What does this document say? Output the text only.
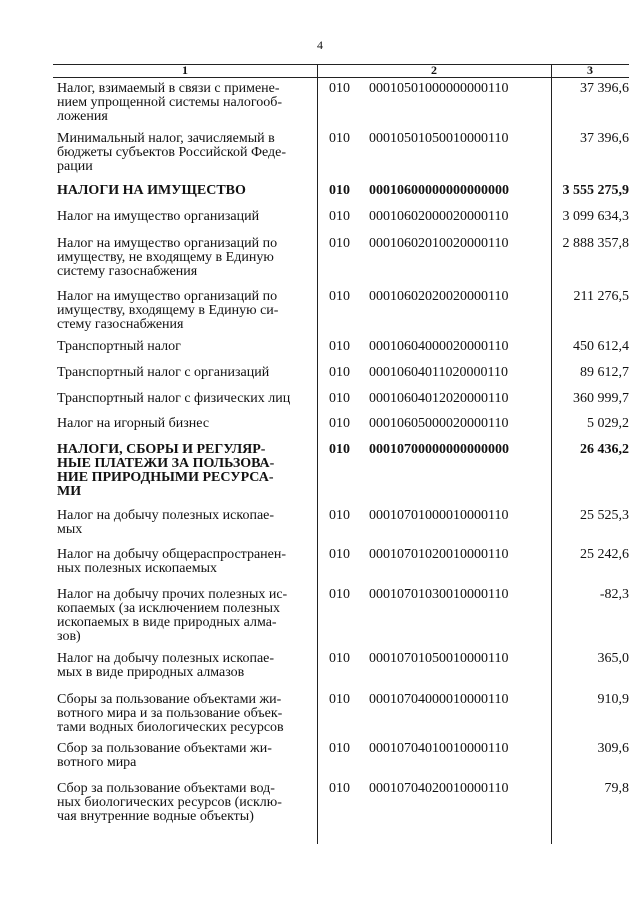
4
1	2	3
Налог, взимаемый в связи с примене-
нием упрощенной системы налогооб-
ложения
010	00010501000000000110	37 396,6
Минимальный налог, зачисляемый в
бюджеты субъектов Российской Феде-
рации
010	00010501050010000110	37 396,6
НАЛОГИ НА ИМУЩЕСТВО	010	00010600000000000000	3 555 275,9
Налог на имущество организаций	010	00010602000020000110	3 099 634,3
Налог на имущество организаций по
имуществу, не входящему в Единую
систему газоснабжения
010	00010602010020000110	2 888 357,8
Налог на имущество организаций по
имуществу, входящему в Единую си-
стему газоснабжения
010	00010602020020000110	211 276,5
Транспортный налог	010	00010604000020000110	450 612,4
Транспортный налог с организаций	010	00010604011020000110	89 612,7
Транспортный налог с физических лиц	010	00010604012020000110	360 999,7
Налог на игорный бизнес	010	00010605000020000110	5 029,2
НАЛОГИ, СБОРЫ И РЕГУЛЯР-
НЫЕ ПЛАТЕЖИ ЗА ПОЛЬЗОВА-
НИЕ ПРИРОДНЫМИ РЕСУРСА-
МИ
010	00010700000000000000	26 436,2
Налог на добычу полезных ископае-
мых
010	00010701000010000110	25 525,3
Налог на добычу общераспространен-
ных полезных ископаемых
010	00010701020010000110	25 242,6
Налог на добычу прочих полезных ис-
копаемых (за исключением полезных
ископаемых в виде природных алма-
зов)
010	00010701030010000110	-82,3
Налог на добычу полезных ископае-
мых в виде природных алмазов
010	00010701050010000110	365,0
Сборы за пользование объектами жи-
вотного мира и за пользование объек-
тами водных биологических ресурсов
010	00010704000010000110	910,9
Сбор за пользование объектами жи-
вотного мира
010	00010704010010000110	309,6
Сбор за пользование объектами вод-
ных биологических ресурсов (исклю-
чая внутренние водные объекты)
010	00010704020010000110	79,8
